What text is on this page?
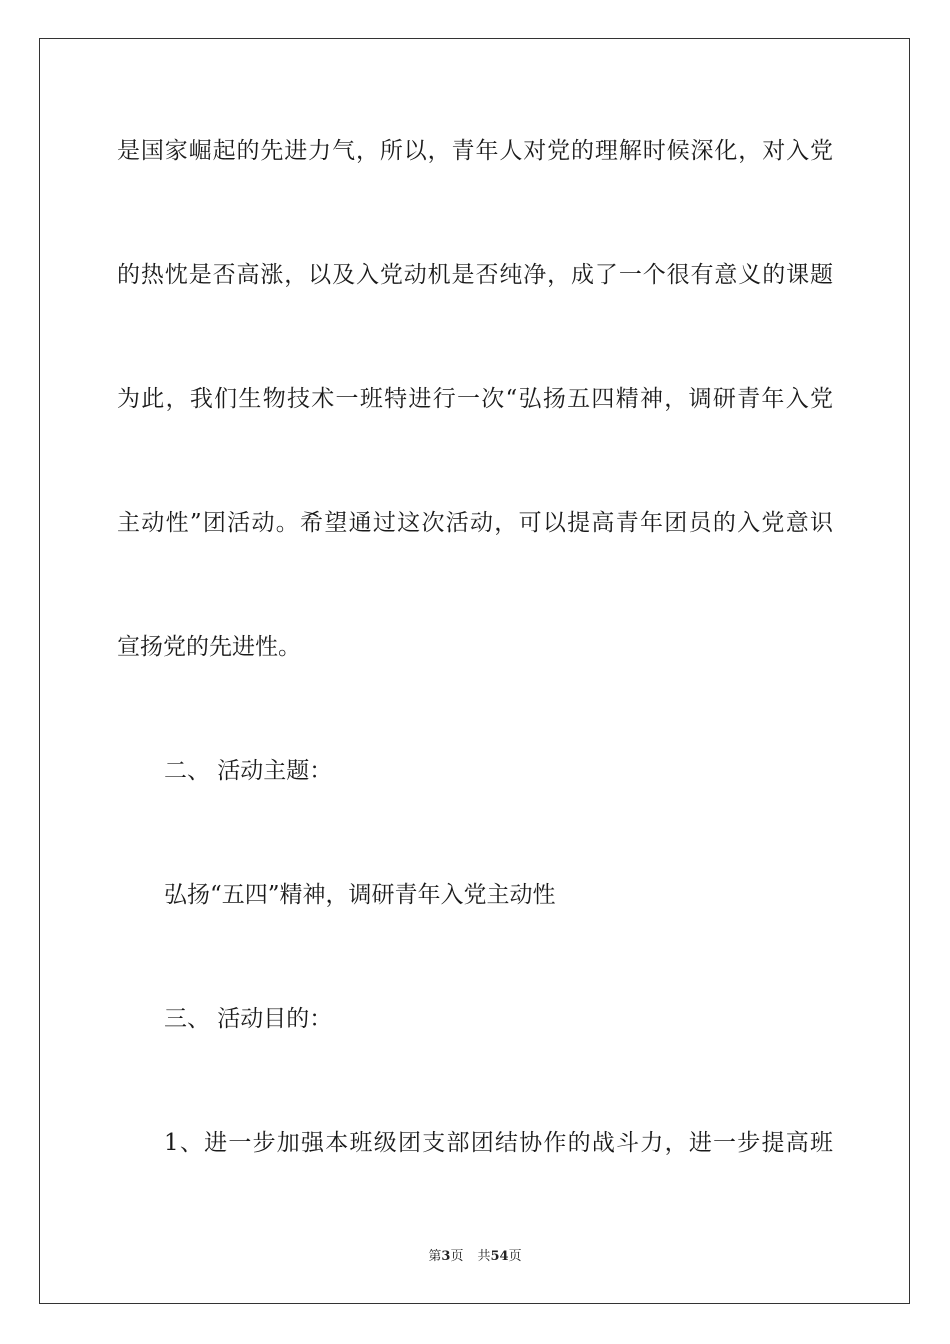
是国家崛起的先进力气，所以，青年人对党的理解时候深化，对入党
的热忱是否高涨，以及入党动机是否纯净，成了一个很有意义的课题
为此，我们生物技术一班特进行一次“弘扬五四精神，调研青年入党
主动性”团活动。希望通过这次活动，可以提高青年团员的入党意识
宣扬党的先进性。
二、 活动主题：
弘扬“五四”精神，调研青年入党主动性
三、 活动目的：
1、进一步加强本班级团支部团结协作的战斗力，进一步提高班
第3页 共54页
